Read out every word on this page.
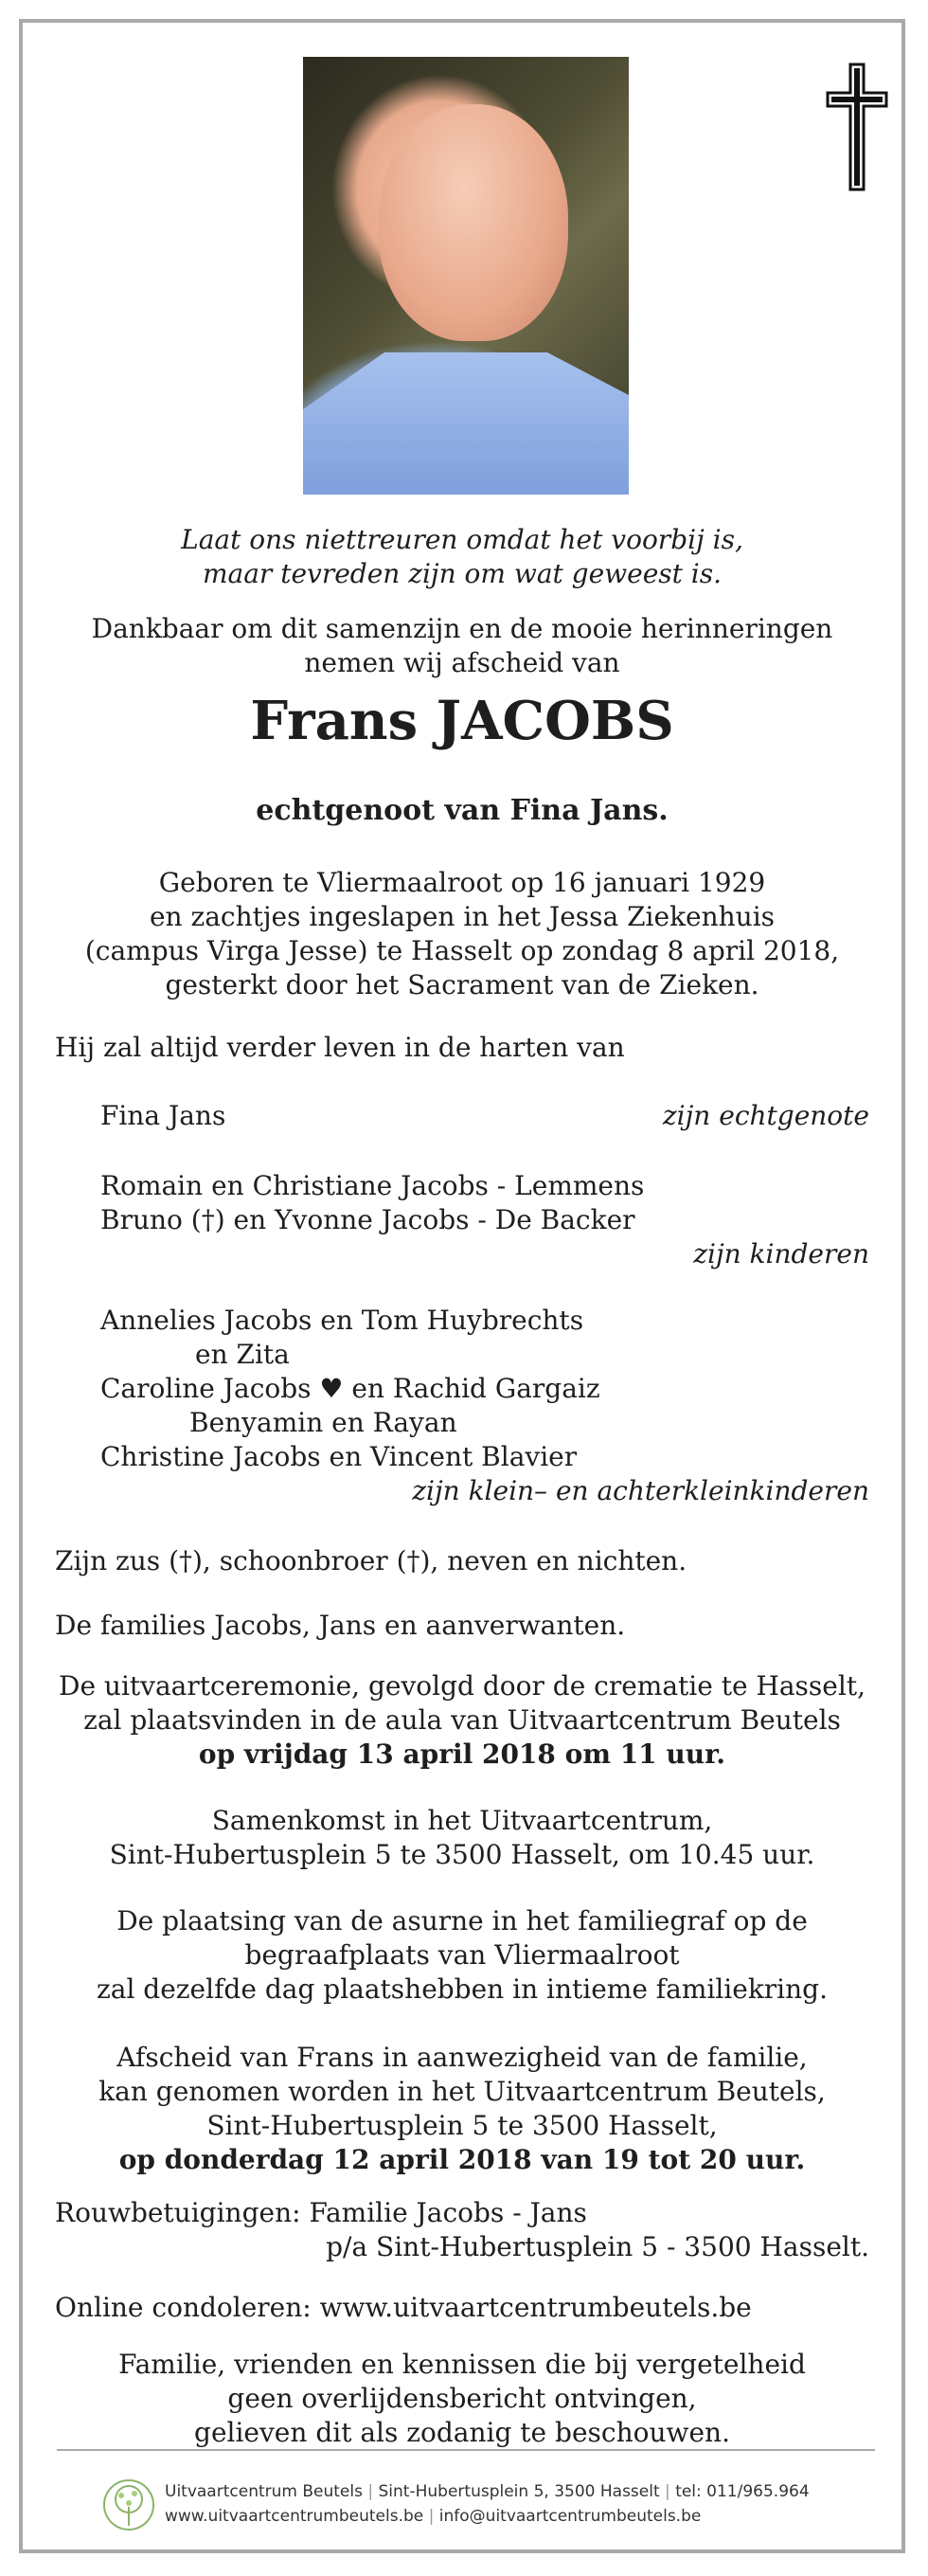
Laat ons niettreuren omdat het voorbij is,
maar tevreden zijn om wat geweest is.
Dankbaar om dit samenzijn en de mooie herinneringen
nemen wij afscheid van
Frans JACOBS
echtgenoot van Fina Jans.
Geboren te Vliermaalroot op 16 januari 1929
en zachtjes ingeslapen in het Jessa Ziekenhuis
(campus Virga Jesse) te Hasselt op zondag 8 april 2018,
gesterkt door het Sacrament van de Zieken.
Hij zal altijd verder leven in de harten van
Fina Jans	zijn echtgenote
Romain en Christiane Jacobs - Lemmens
Bruno (†) en Yvonne Jacobs - De Backer
zijn kinderen
Annelies Jacobs en Tom Huybrechts
en Zita
Caroline Jacobs ♥ en Rachid Gargaiz
Benyamin en Rayan
Christine Jacobs en Vincent Blavier
zijn klein– en achterkleinkinderen
Zijn zus (†), schoonbroer (†), neven en nichten.
De families Jacobs, Jans en aanverwanten.
De uitvaartceremonie, gevolgd door de crematie te Hasselt,
zal plaatsvinden in de aula van Uitvaartcentrum Beutels
op vrijdag 13 april 2018 om 11 uur.
Samenkomst in het Uitvaartcentrum,
Sint-Hubertusplein 5 te 3500 Hasselt, om 10.45 uur.
De plaatsing van de asurne in het familiegraf op de
begraafplaats van Vliermaalroot
zal dezelfde dag plaatshebben in intieme familiekring.
Afscheid van Frans in aanwezigheid van de familie,
kan genomen worden in het Uitvaartcentrum Beutels,
Sint-Hubertusplein 5 te 3500 Hasselt,
op donderdag 12 april 2018 van 19 tot 20 uur.
Rouwbetuigingen: Familie Jacobs - Jans
p/a Sint-Hubertusplein 5 - 3500 Hasselt.
Online condoleren: www.uitvaartcentrumbeutels.be
Familie, vrienden en kennissen die bij vergetelheid
geen overlijdensbericht ontvingen,
gelieven dit als zodanig te beschouwen.
Uitvaartcentrum Beutels | Sint-Hubertusplein 5, 3500 Hasselt | tel: 011/965.964
www.uitvaartcentrumbeutels.be | info@uitvaartcentrumbeutels.be
